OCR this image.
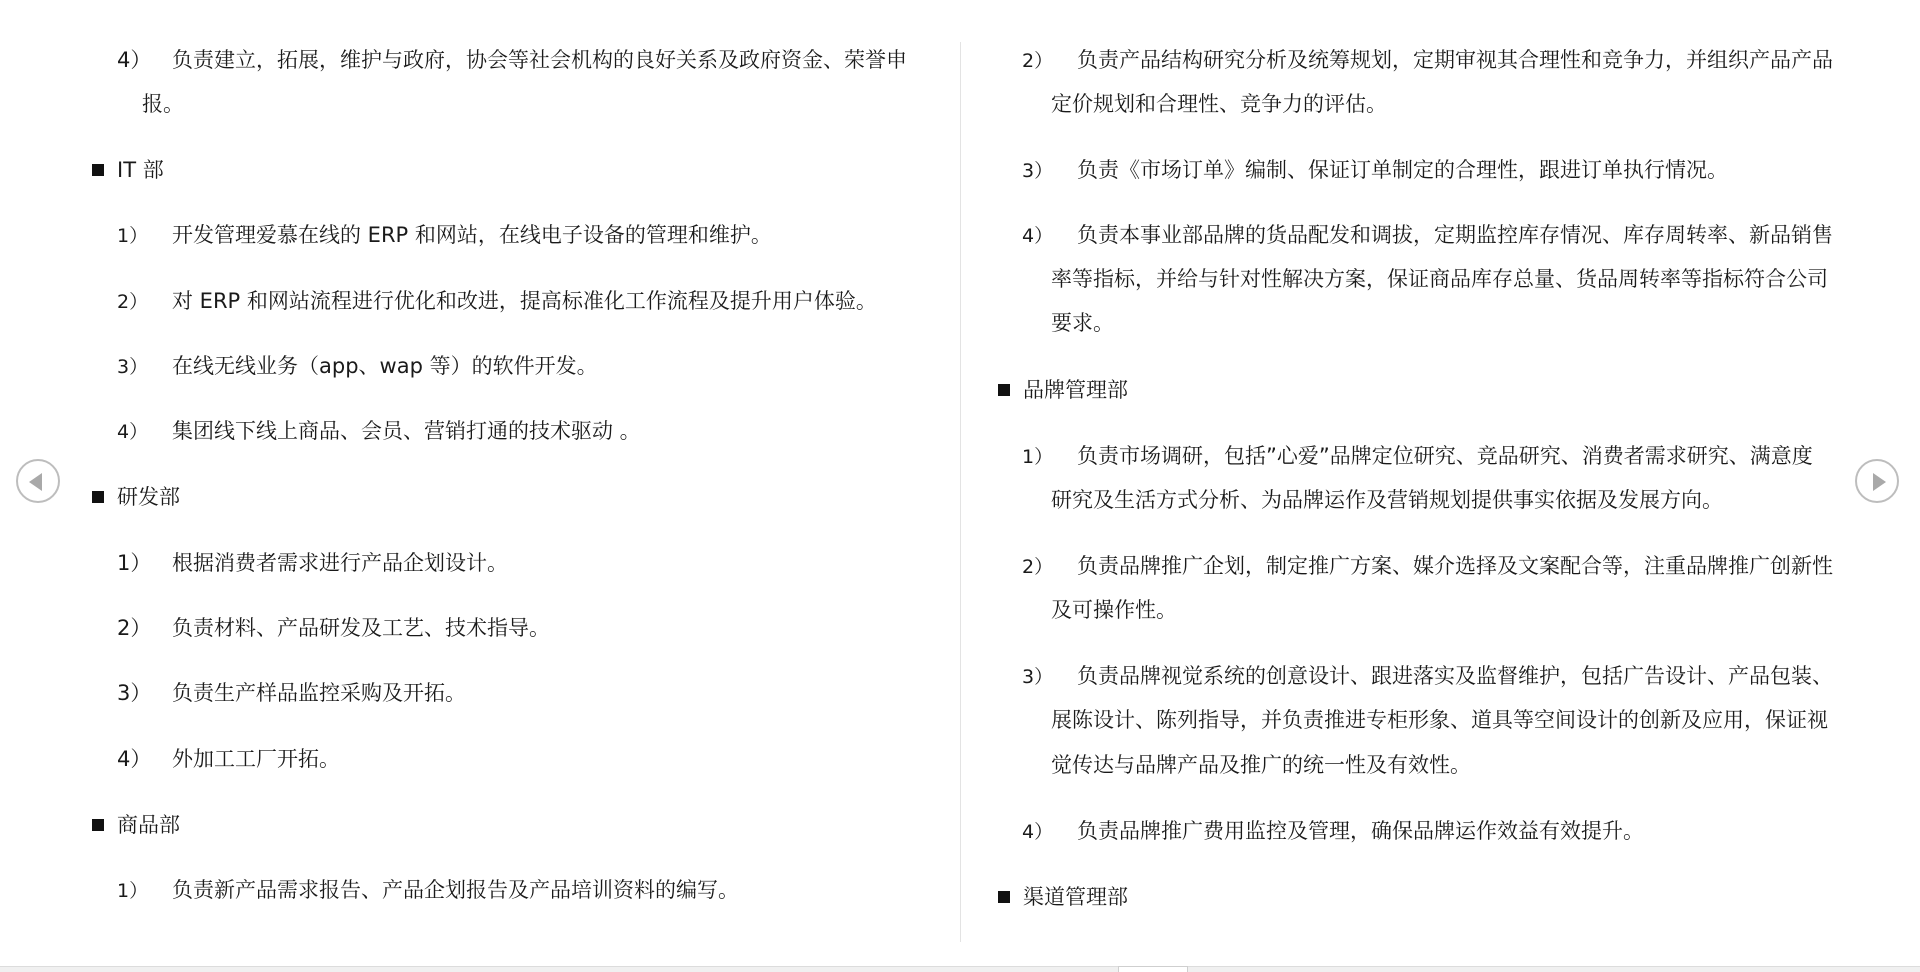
4） 负责建立，拓展，维护与政府，协会等社会机构的良好关系及政府资金、荣誉申
报。
IT 部
1） 开发管理爱慕在线的 ERP 和网站，在线电子设备的管理和维护。
2） 对 ERP 和网站流程进行优化和改进，提高标准化工作流程及提升用户体验。
3） 在线无线业务（app、wap 等）的软件开发。
4） 集团线下线上商品、会员、营销打通的技术驱动 。
研发部
1） 根据消费者需求进行产品企划设计。
2） 负责材料、产品研发及工艺、技术指导。
3） 负责生产样品监控采购及开拓。
4） 外加工工厂开拓。
商品部
1） 负责新产品需求报告、产品企划报告及产品培训资料的编写。
2） 负责产品结构研究分析及统筹规划，定期审视其合理性和竞争力，并组织产品产品
定价规划和合理性、竞争力的评估。
3） 负责《市场订单》编制、保证订单制定的合理性，跟进订单执行情况。
4） 负责本事业部品牌的货品配发和调拔，定期监控库存情况、库存周转率、新品销售
率等指标，并给与针对性解决方案，保证商品库存总量、货品周转率等指标符合公司
要求。
品牌管理部
1） 负责市场调研，包括”心爱”品牌定位研究、竞品研究、消费者需求研究、满意度
研究及生活方式分析、为品牌运作及营销规划提供事实依据及发展方向。
2） 负责品牌推广企划，制定推广方案、媒介选择及文案配合等，注重品牌推广创新性
及可操作性。
3） 负责品牌视觉系统的创意设计、跟进落实及监督维护，包括广告设计、产品包装、
展陈设计、陈列指导，并负责推进专柜形象、道具等空间设计的创新及应用，保证视
觉传达与品牌产品及推广的统一性及有效性。
4） 负责品牌推广费用监控及管理，确保品牌运作效益有效提升。
渠道管理部
